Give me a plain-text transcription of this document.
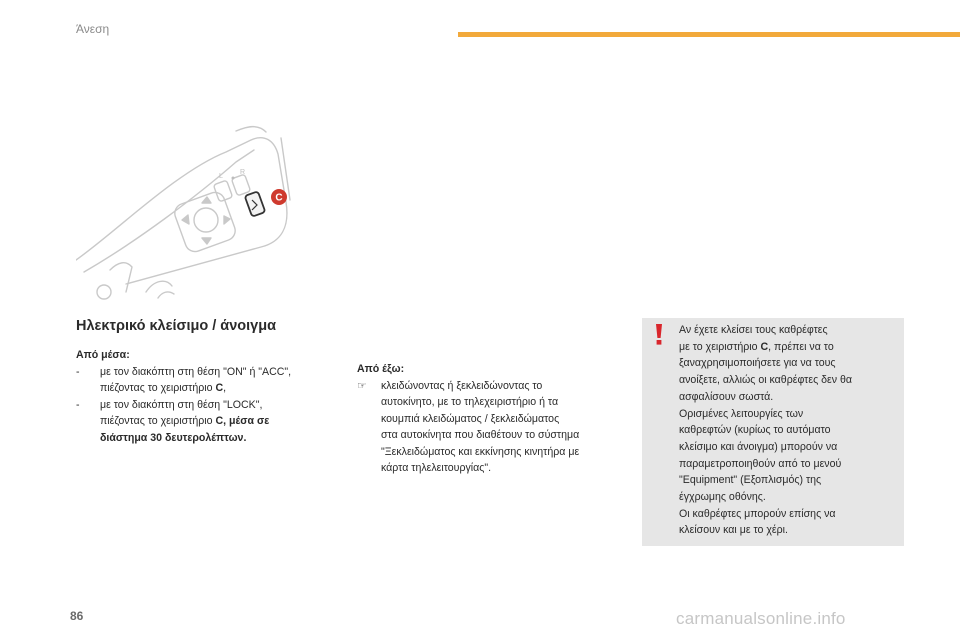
Άνεση
L
R
C
Ηλεκτρικό κλείσιμο / άνοιγμα
Από μέσα:
- με τον διακόπτη στη θέση "ON" ή "ACC",
πιέζοντας το χειριστήριο C,
- με τον διακόπτη στη θέση "LOCK",
πιέζοντας το χειριστήριο C, μέσα σε
διάστημα 30 δευτερολέπτων.
Από έξω:
☞ κλειδώνοντας ή ξεκλειδώνοντας το
αυτοκίνητο, με το τηλεχειριστήριο ή τα
κουμπιά κλειδώματος / ξεκλειδώματος
στα αυτοκίνητα που διαθέτουν το σύστημα
"Ξεκλειδώματος και εκκίνησης κινητήρα με
κάρτα τηλελειτουργίας".
Αν έχετε κλείσει τους καθρέφτες
με το χειριστήριο C, πρέπει να το
ξαναχρησιμοποιήσετε για να τους
ανοίξετε, αλλιώς οι καθρέφτες δεν θα
ασφαλίσουν σωστά.
Ορισμένες λειτουργίες των
καθρεφτών (κυρίως το αυτόματο
κλείσιμο και άνοιγμα) μπορούν να
παραμετροποιηθούν από το μενού
"Equipment" (Εξοπλισμός) της
έγχρωμης οθόνης.
Οι καθρέφτες μπορούν επίσης να
κλείσουν και με το χέρι.
86	carmanualsonline.info
